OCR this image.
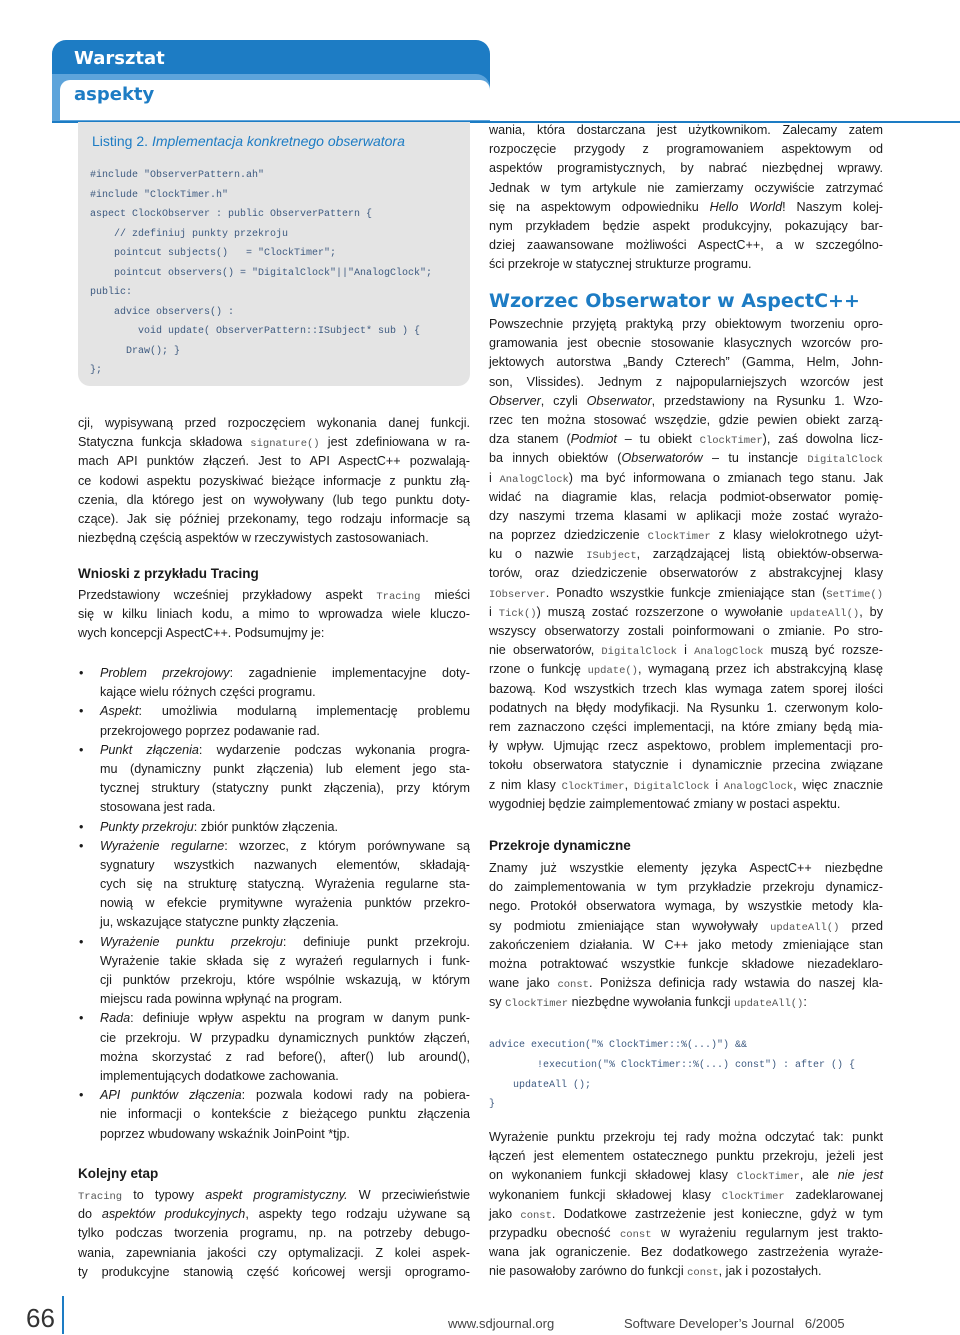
Warsztat
aspekty
Listing 2. Implementacja konkretnego obserwatora
#include "ObserverPattern.ah"
#include "ClockTimer.h"
aspect ClockObserver : public ObserverPattern {
// zdefiniuj punkty przekroju
pointcut subjects()   = "ClockTimer";
pointcut observers() = "DigitalClock"||"AnalogClock";
public:
advice observers() :
void update( ObserverPattern::ISubject* sub ) {
Draw(); }
};
cji, wypisywaną przed rozpoczęciem wykonania danej funkcji.
Statyczna funkcja składowa signature() jest zdefiniowana w ra-
mach API punktów złączeń. Jest to API AspectC++ pozwalają-
ce kodowi aspektu pozyskiwać bieżące informacje z punktu złą-
czenia, dla którego jest on wywoływany (lub tego punktu doty-
czące). Jak się później przekonamy, tego rodzaju informacje są
niezbędną częścią aspektów w rzeczywistych zastosowaniach.
Wnioski z przykładu Tracing
Przedstawiony wcześniej przykładowy aspekt Tracing mieści
się w kilku liniach kodu, a mimo to wprowadza wiele kluczo-
wych koncepcji AspectC++. Podsumujmy je:
• Problem przekrojowy: zagadnienie implementacyjne doty-
kające wielu różnych części programu.
• Aspekt: umożliwia modularną implementację problemu
przekrojowego poprzez podawanie rad.
• Punkt złączenia: wydarzenie podczas wykonania progra-
mu (dynamiczny punkt złączenia) lub element jego sta-
tycznej struktury (statyczny punkt złączenia), przy którym
stosowana jest rada.
• Punkty przekroju: zbiór punktów złączenia.
• Wyrażenie regularne: wzorzec, z którym porównywane są
sygnatury wszystkich nazwanych elementów, składają-
cych się na strukturę statyczną. Wyrażenia regularne sta-
nowią w efekcie prymitywne wyrażenia punktów przekro-
ju, wskazujące statyczne punkty złączenia.
• Wyrażenie punktu przekroju: definiuje punkt przekroju.
Wyrażenie takie składa się z wyrażeń regularnych i funk-
cji punktów przekroju, które wspólnie wskazują, w którym
miejscu rada powinna wpłynąć na program.
• Rada: definiuje wpływ aspektu na program w danym punk-
cie przekroju. W przypadku dynamicznych punktów złączeń,
można skorzystać z rad before(), after() lub around(),
implementujących dodatkowe zachowania.
• API punktów złączenia: pozwala kodowi rady na pobiera-
nie informacji o kontekście z bieżącego punktu złączenia
poprzez wbudowany wskaźnik JoinPoint *tjp.
Kolejny etap
Tracing to typowy aspekt programistyczny. W przeciwieństwie
do aspektów produkcyjnych, aspekty tego rodzaju używane są
tylko podczas tworzenia programu, np. na potrzeby debugo-
wania, zapewniania jakości czy optymalizacji. Z kolei aspek-
ty produkcyjne stanowią część końcowej wersji oprogramo-
wania, która dostarczana jest użytkownikom. Zalecamy zatem
rozpoczęcie przygody z programowaniem aspektowym od
aspektów programistycznych, by nabrać niezbędnej wprawy.
Jednak w tym artykule nie zamierzamy oczywiście zatrzymać
się na aspektowym odpowiedniku Hello World! Naszym kolej-
nym przykładem będzie aspekt produkcyjny, pokazujący bar-
dziej zaawansowane możliwości AspectC++, a w szczególno-
ści przekroje w statycznej strukturze programu.
Wzorzec Obserwator w AspectC++
Powszechnie przyjętą praktyką przy obiektowym tworzeniu opro-
gramowania jest obecnie stosowanie klasycznych wzorców pro-
jektowych autorstwa „Bandy Czterech” (Gamma, Helm, John-
son, Vlissides). Jednym z najpopularniejszych wzorców jest
Observer, czyli Obserwator, przedstawiony na Rysunku 1. Wzo-
rzec ten można stosować wszędzie, gdzie pewien obiekt zarzą-
dza stanem (Podmiot – tu obiekt ClockTimer), zaś dowolna licz-
ba innych obiektów (Obserwatorów – tu instancje DigitalClock
i AnalogClock) ma być informowana o zmianach tego stanu. Jak
widać na diagramie klas, relacja podmiot-obserwator pomię-
dzy naszymi trzema klasami w aplikacji może zostać wyrażo-
na poprzez dziedziczenie ClockTimer z klasy wielokrotnego użyt-
ku o nazwie ISubject, zarządzającej listą obiektów-obserwa-
torów, oraz dziedziczenie obserwatorów z abstrakcyjnej klasy
IObserver. Ponadto wszystkie funkcje zmieniające stan (SetTime()
i Tick()) muszą zostać rozszerzone o wywołanie updateAll(), by
wszyscy obserwatorzy zostali poinformowani o zmianie. Po stro-
nie obserwatorów, DigitalClock i AnalogClock muszą być rozsze-
rzone o funkcję update(), wymaganą przez ich abstrakcyjną klasę
bazową. Kod wszystkich trzech klas wymaga zatem sporej ilości
podatnych na błędy modyfikacji. Na Rysunku 1. czerwonym kolo-
rem zaznaczono części implementacji, na które zmiany będą mia-
ły wpływ. Ujmując rzecz aspektowo, problem implementacji pro-
tokołu obserwatora statycznie i dynamicznie przecina związane
z nim klasy ClockTimer, DigitalClock i AnalogClock, więc znacznie
wygodniej będzie zaimplementować zmiany w postaci aspektu.
Przekroje dynamiczne
Znamy już wszystkie elementy języka AspectC++ niezbędne
do zaimplementowania w tym przykładzie przekroju dynamicz-
nego. Protokół obserwatora wymaga, by wszystkie metody kla-
sy podmiotu zmieniające stan wywoływały updateAll() przed
zakończeniem działania. W C++ jako metody zmieniające stan
można potraktować wszystkie funkcje składowe niezadeklaro-
wane jako const. Poniższa definicja rady wstawia do naszej kla-
sy ClockTimer niezbędne wywołania funkcji updateAll():
advice execution("% ClockTimer::%(...)") &&
!execution("% ClockTimer::%(...) const") : after () {
updateAll ();
}
Wyrażenie punktu przekroju tej rady można odczytać tak: punkt
łączeń jest elementem ostatecznego punktu przekroju, jeżeli jest
on wykonaniem funkcji składowej klasy ClockTimer, ale nie jest
wykonaniem funkcji składowej klasy ClockTimer zadeklarowanej
jako const. Dodatkowe zastrzeżenie jest konieczne, gdyż w tym
przypadku obecność const w wyrażeniu regularnym jest trakto-
wana jak ograniczenie. Bez dodatkowego zastrzeżenia wyraże-
nie pasowałoby zarówno do funkcji const, jak i pozostałych.
66	www.sdjournal.org	Software Developer’s Journal   6/2005
